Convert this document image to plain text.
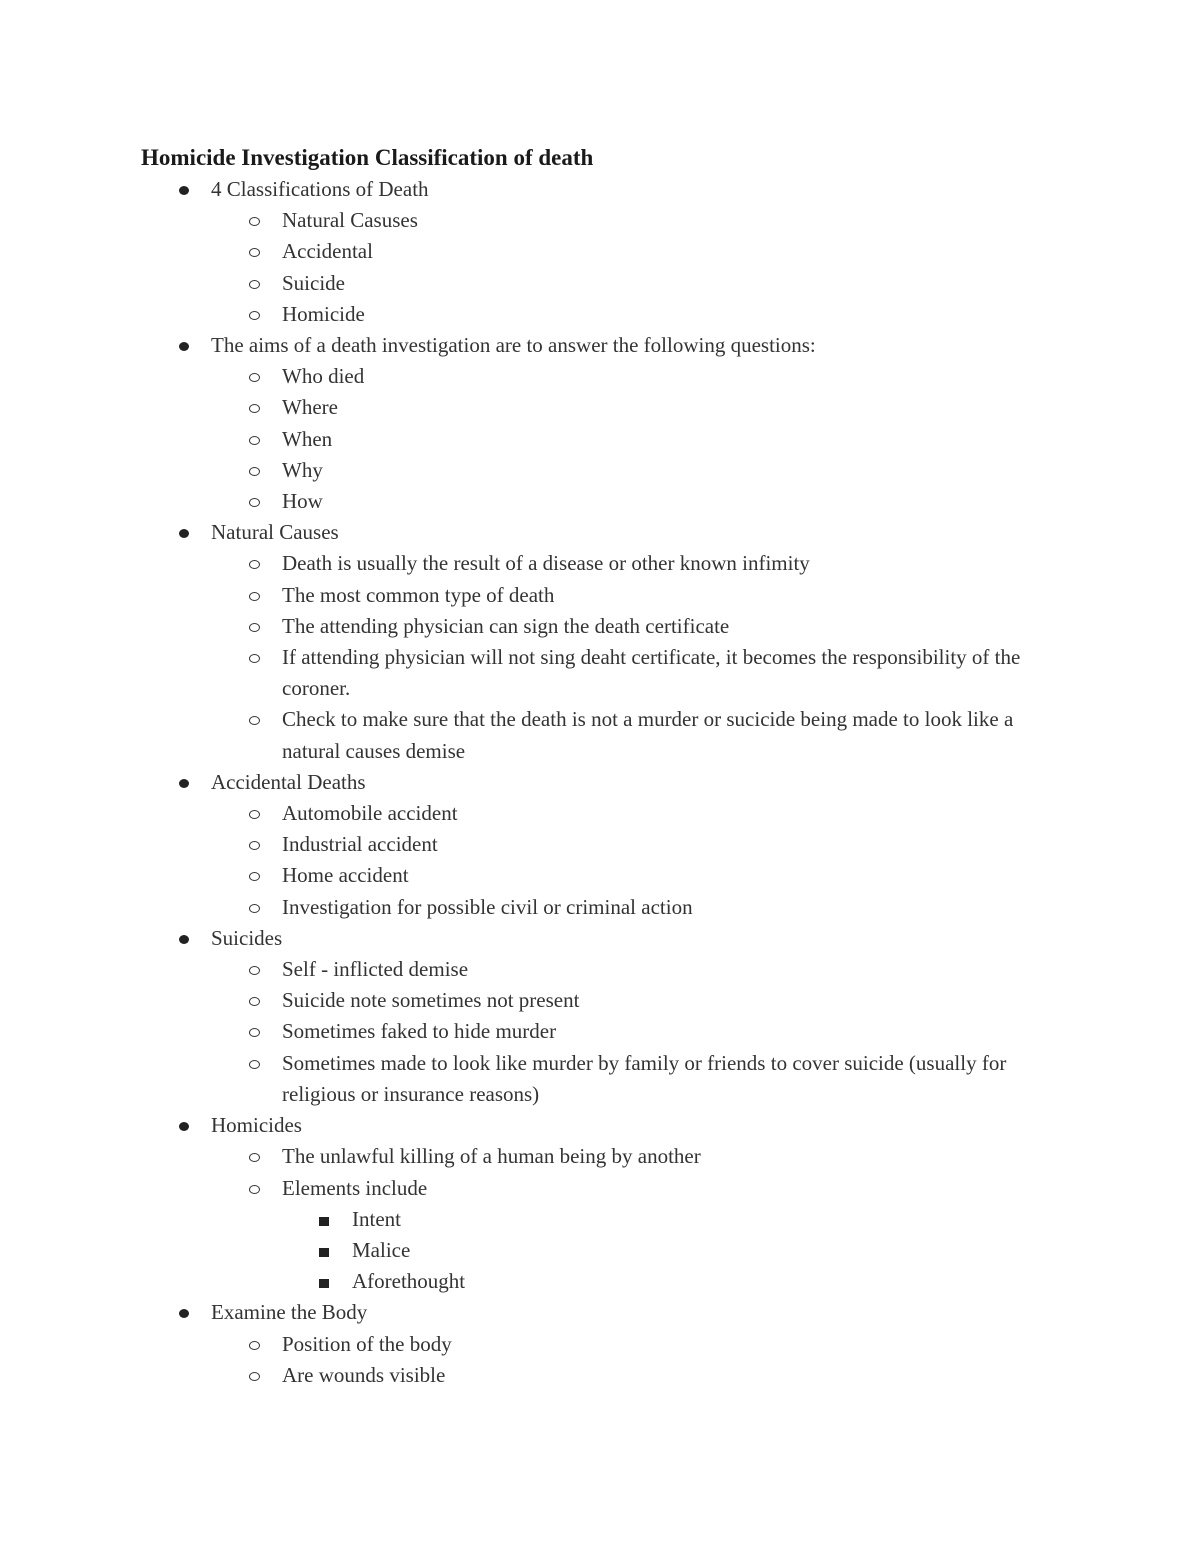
Homicide Investigation Classification of death
4 Classifications of Death
Natural Casuses
Accidental
Suicide
Homicide
The aims of a death investigation are to answer the following questions:
Who died
Where
When
Why
How
Natural Causes
Death is usually the result of a disease or other known infimity
The most common type of death
The attending physician can sign the death certificate
If attending physician will not sing deaht certificate, it becomes the responsibility of the coroner.
Check to make sure that the death is not a murder or sucicide being made to look like a natural causes demise
Accidental Deaths
Automobile accident
Industrial accident
Home accident
Investigation for possible civil or criminal action
Suicides
Self - inflicted demise
Suicide note sometimes not present
Sometimes faked to hide murder
Sometimes made to look like murder by family or friends to cover suicide (usually for religious or insurance reasons)
Homicides
The unlawful killing of a human being by another
Elements include
Intent
Malice
Aforethought
Examine the Body
Position of the body
Are wounds visible
